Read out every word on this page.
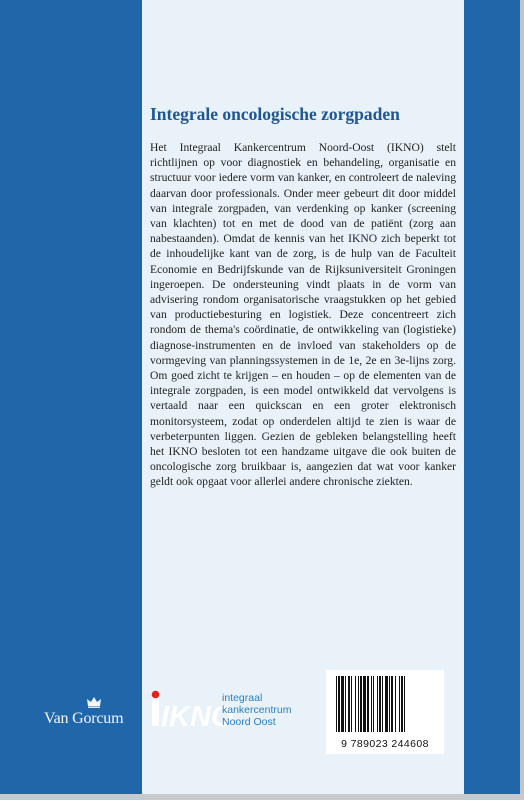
Integrale oncologische zorgpaden

Het Integraal Kankercentrum Noord-Oost (IKNO) stelt richtlijnen op voor diagnostiek en behandeling, organisatie en structuur voor iedere vorm van kanker, en controleert de naleving daarvan door professionals. Onder meer gebeurt dit door middel van integrale zorgpaden, van verdenking op kanker (screening van klachten) tot en met de dood van de patiënt (zorg aan nabestaanden). Omdat de kennis van het IKNO zich beperkt tot de inhoudelijke kant van de zorg, is de hulp van de Faculteit Economie en Bedrijfskunde van de Rijksuniversiteit Groningen ingeroepen. De ondersteuning vindt plaats in de vorm van advisering rondom organisatorische vraagstukken op het gebied van productiebesturing en logistiek. Deze concentreert zich rondom de thema's coördinatie, de ontwikkeling van (logistieke) diagnose-instrumenten en de invloed van stakeholders op de vormgeving van planningssystemen in de 1e, 2e en 3e-lijns zorg. Om goed zicht te krijgen – en houden – op de elementen van de integrale zorgpaden, is een model ontwikkeld dat vervolgens is vertaald naar een quickscan en een groter elektronisch monitorsysteem, zodat op onderdelen altijd te zien is waar de verbeterpunten liggen. Gezien de gebleken belangstelling heeft het IKNO besloten tot een handzame uitgave die ook buiten de oncologische zorg bruikbaar is, aangezien dat wat voor kanker geldt ook opgaat voor allerlei andere chronische ziekten.

Van Gorcum IKNO
integraal
kankercentrum
Noord Oost
9 789023 244608
